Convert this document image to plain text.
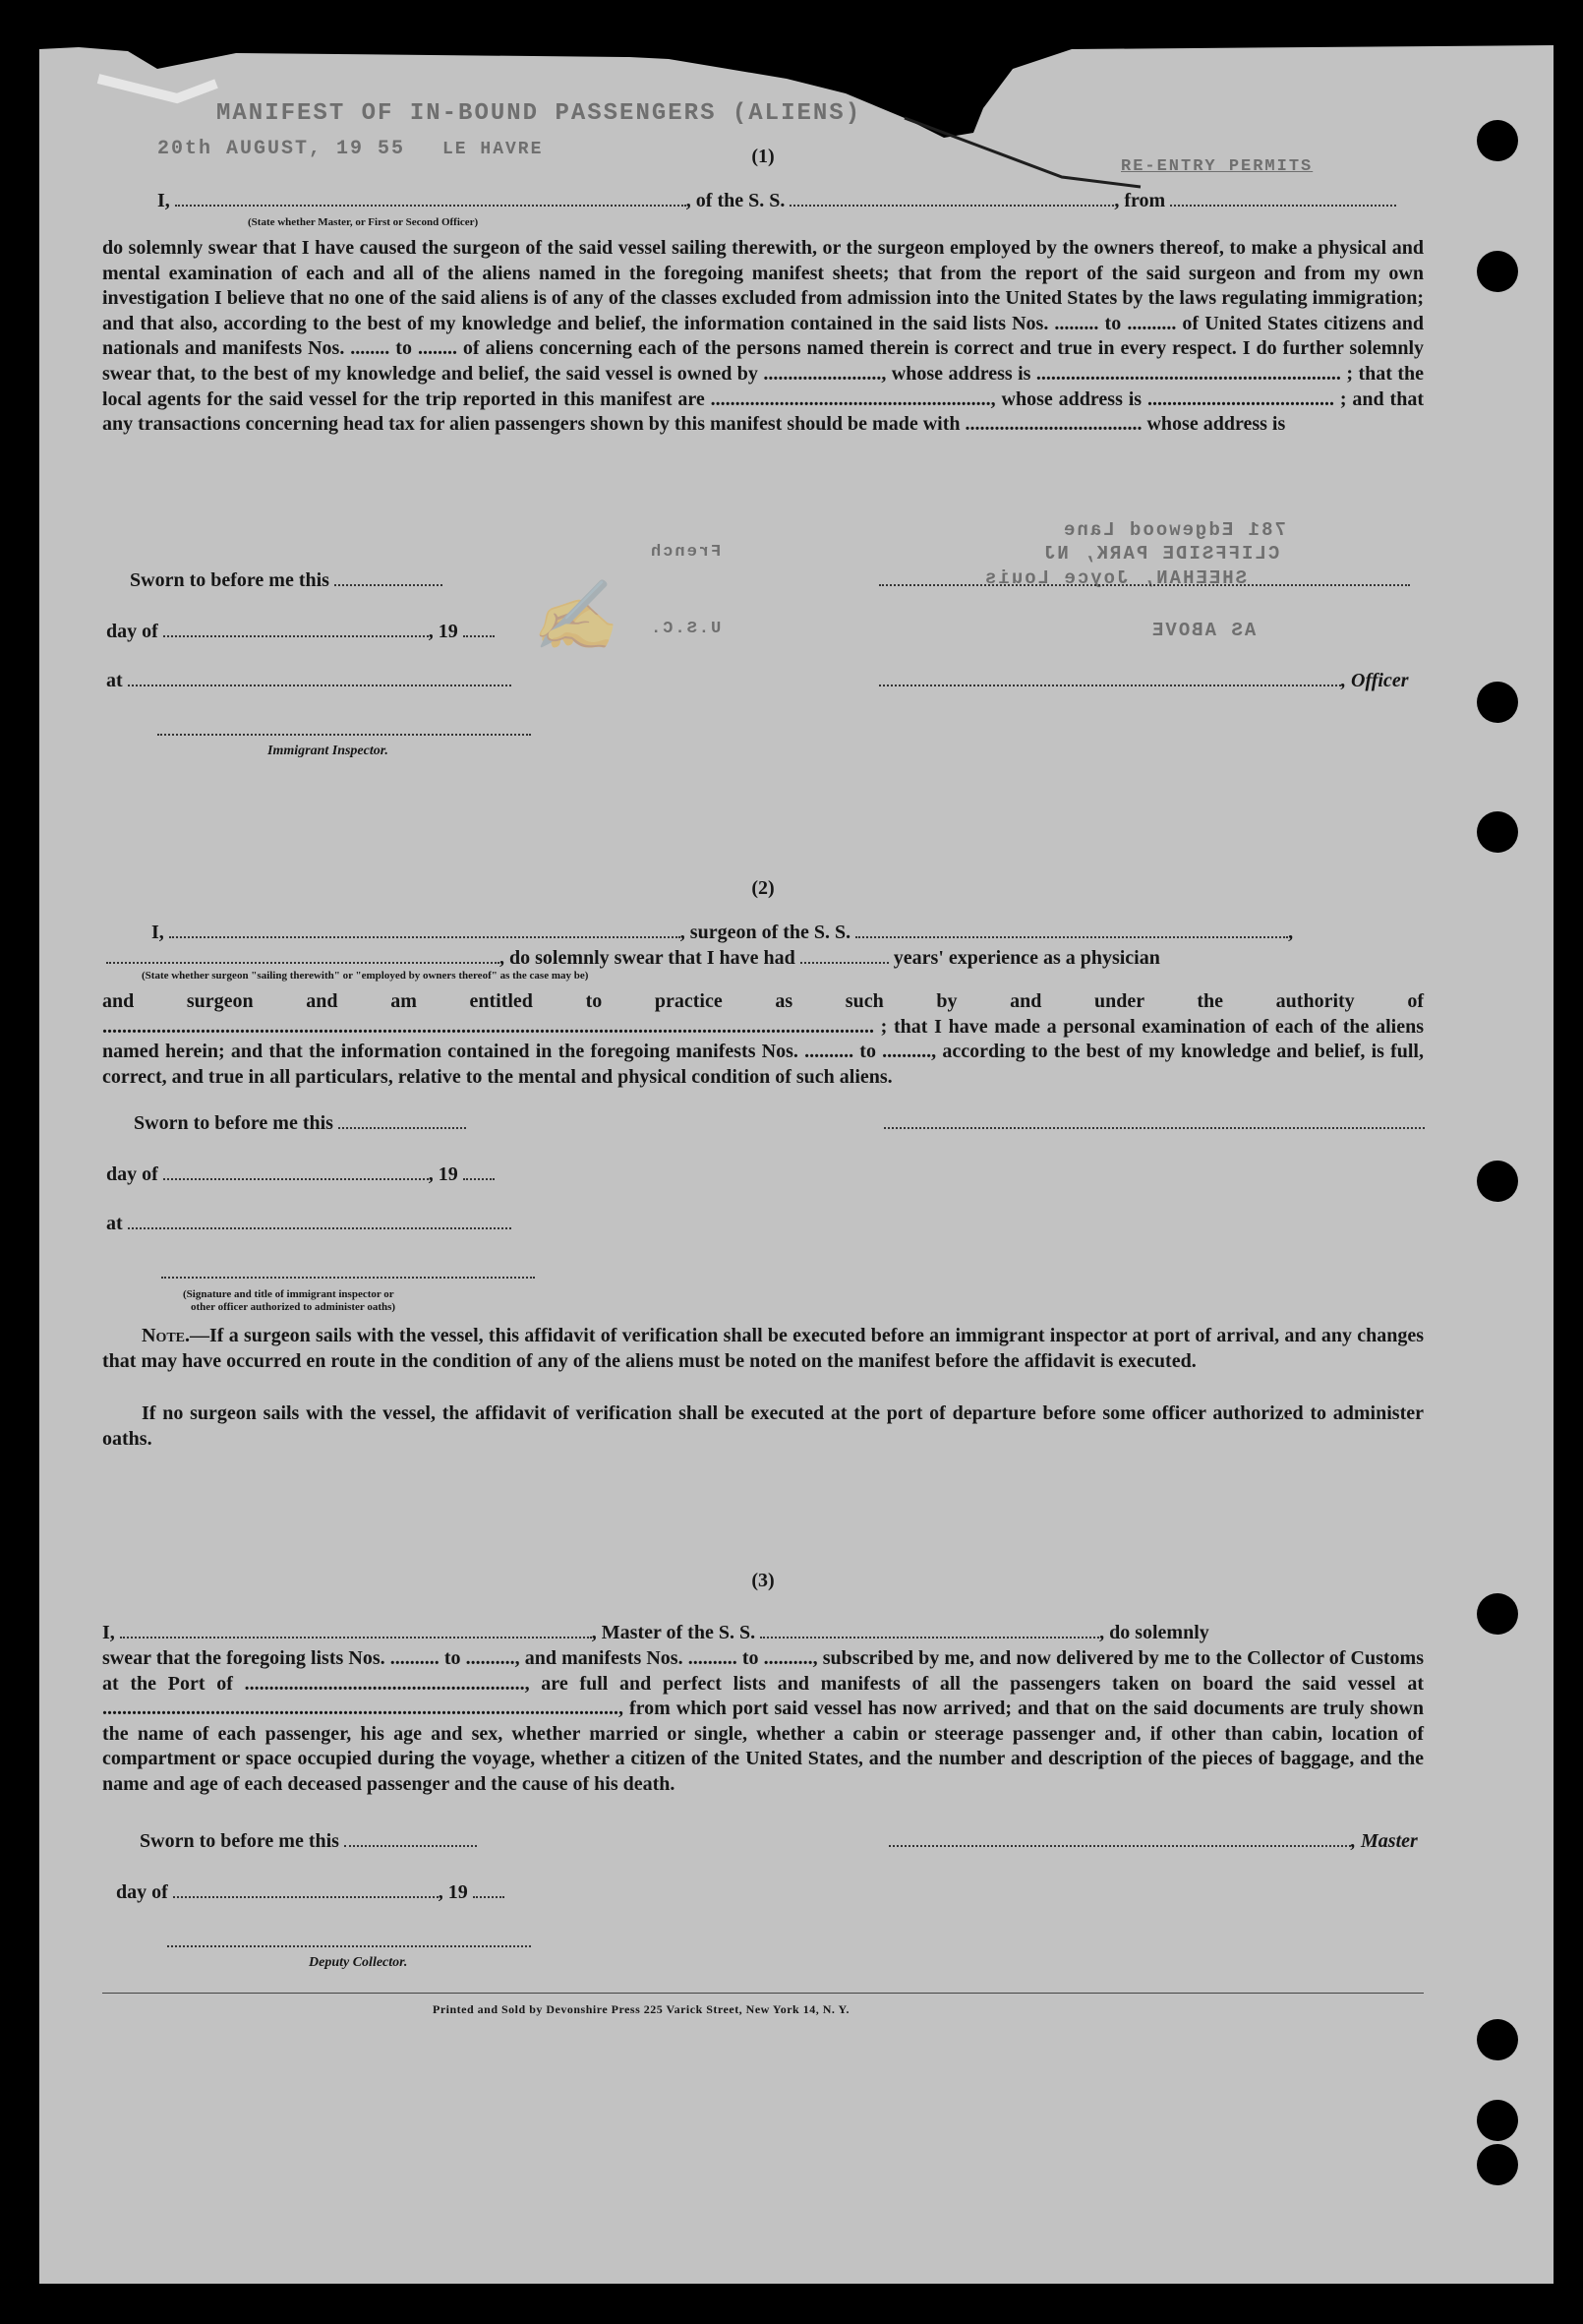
MANIFEST OF IN-BOUND PASSENGERS (ALIENS)
20th AUGUST, 19 55 LE HAVRE
RE-ENTRY PERMITS
781 Edgewood Lane
CLIFFSIDE PARK, NJ
SHEEHAN, Joyce Louis
AS ABOVE
French
U.S.C.
✍
(1)
I,	, of the S. S.	, from
(State whether Master, or First or Second Officer)
do solemnly swear that I have caused the surgeon of the said vessel sailing therewith, or the surgeon employed by the owners thereof, to make a physical and mental examination of each and all of the aliens named in the foregoing manifest sheets; that from the report of the said surgeon and from my own investigation I believe that no one of the said aliens is of any of the classes excluded from admission into the United States by the laws regulating immigration; and that also, according to the best of my knowledge and belief, the information contained in the said lists Nos. ......... to .......... of United States citizens and nationals and manifests Nos. ........ to ........ of aliens concerning each of the persons named therein is correct and true in every respect. I do further solemnly swear that, to the best of my knowledge and belief, the said vessel is owned by ........................, whose address is .............................................................. ; that the local agents for the said vessel for the trip reported in this manifest are ........................................................., whose address is ...................................... ; and that any transactions concerning head tax for alien passengers shown by this manifest should be made with .................................... whose address is
Sworn to before me this
day of	, 19
at	, Officer
Immigrant Inspector.
(2)
I,	, surgeon of the S. S.	,
, do solemnly swear that I have had	years' experience as a physician
(State whether surgeon "sailing therewith" or "employed by owners thereof" as the case may be)
and surgeon and am entitled to practice as such by and under the authority of ............................................................................................................................................................. ; that I have made a personal examination of each of the aliens named herein; and that the information contained in the foregoing manifests Nos. .......... to .........., according to the best of my knowledge and belief, is full, correct, and true in all particulars, relative to the mental and physical condition of such aliens.
Sworn to before me this
day of	, 19
at
(Signature and title of immigrant inspector or
other officer authorized to administer oaths)
Note.—If a surgeon sails with the vessel, this affidavit of verification shall be executed before an immigrant inspector at port of arrival, and any changes that may have occurred en route in the condition of any of the aliens must be noted on the manifest before the affidavit is executed.
If no surgeon sails with the vessel, the affidavit of verification shall be executed at the port of departure before some officer authorized to administer oaths.
(3)
I,	, Master of the S. S.	, do solemnly
swear that the foregoing lists Nos. .......... to .........., and manifests Nos. .......... to .........., subscribed by me, and now delivered by me to the Collector of Customs at the Port of ........................................................., are full and perfect lists and manifests of all the passengers taken on board the said vessel at ........................................................................................................., from which port said vessel has now arrived; and that on the said documents are truly shown the name of each passenger, his age and sex, whether married or single, whether a cabin or steerage passenger and, if other than cabin, location of compartment or space occupied during the voyage, whether a citizen of the United States, and the number and description of the pieces of baggage, and the name and age of each deceased passenger and the cause of his death.
Sworn to before me this	, Master
day of	, 19
Deputy Collector.
Printed and Sold by Devonshire Press 225 Varick Street, New York 14, N. Y.
